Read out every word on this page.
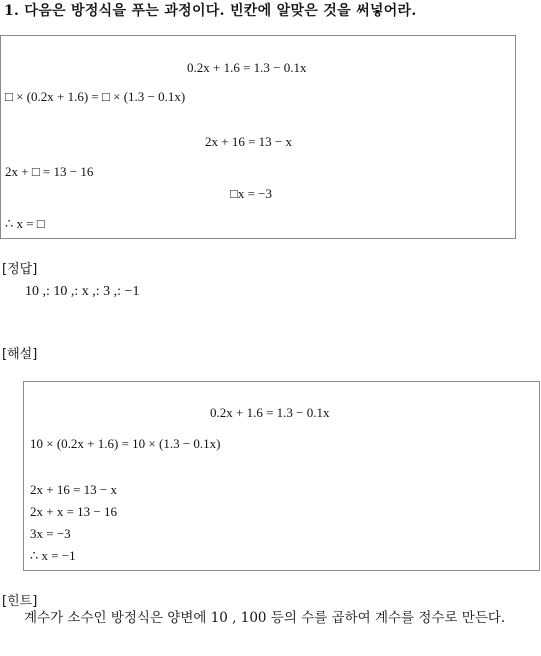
1. 다음은 방정식을 푸는 과정이다. 빈칸에 알맞은 것을 써넣어라.
0.2x + 1.6 = 1.3 − 0.1x
□ × (0.2x + 1.6) = □ × (1.3 − 0.1x)
2x + 16 = 13 − x
2x + □ = 13 − 16
□x = −3
∴ x = □
[정답]
10 ,: 10 ,: x ,: 3 ,: −1
[해설]
0.2x + 1.6 = 1.3 − 0.1x
10 × (0.2x + 1.6) = 10 × (1.3 − 0.1x)
2x + 16 = 13 − x
2x + x = 13 − 16
3x = −3
∴ x = −1
[힌트]
계수가 소수인 방정식은 양변에 10 , 100 등의 수를 곱하여 계수를 정수로 만든다.
